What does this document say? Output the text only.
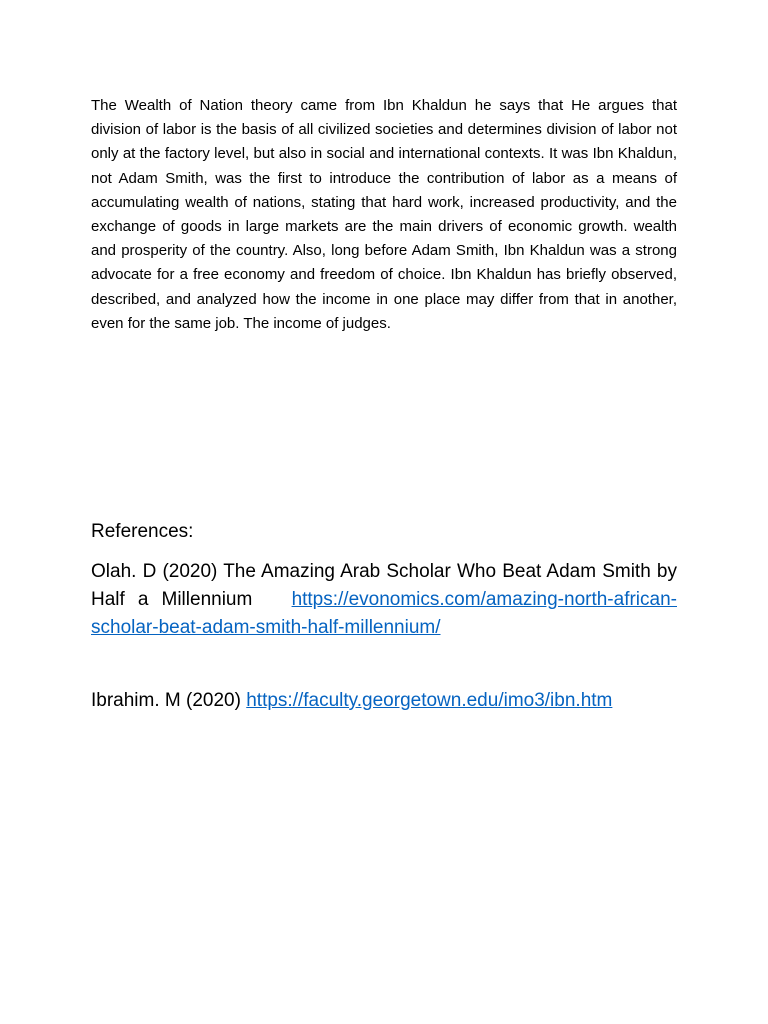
The Wealth of Nation theory came from Ibn Khaldun he says that He argues that division of labor is the basis of all civilized societies and determines division of labor not only at the factory level, but also in social and international contexts. It was Ibn Khaldun, not Adam Smith, was the first to introduce the contribution of labor as a means of accumulating wealth of nations, stating that hard work, increased productivity, and the exchange of goods in large markets are the main drivers of economic growth. wealth and prosperity of the country. Also, long before Adam Smith, Ibn Khaldun was a strong advocate for a free economy and freedom of choice. Ibn Khaldun has briefly observed, described, and analyzed how the income in one place may differ from that in another, even for the same job. The income of judges.

References:

Olah. D (2020) The Amazing Arab Scholar Who Beat Adam Smith by Half a Millennium https://evonomics.com/amazing-north-african-scholar-beat-adam-smith-half-millennium/

Ibrahim. M (2020) https://faculty.georgetown.edu/imo3/ibn.htm
